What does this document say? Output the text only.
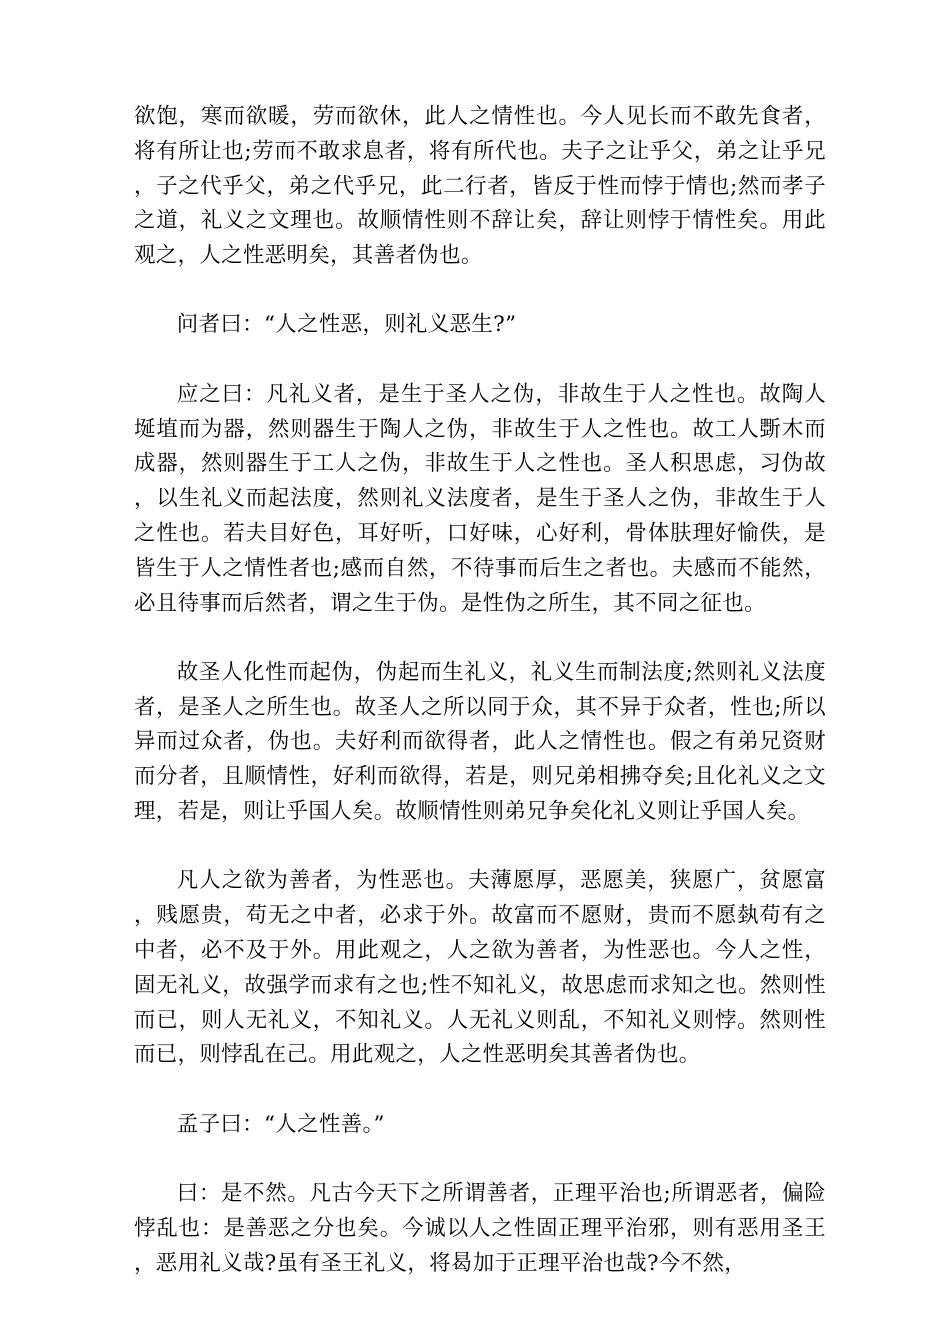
欲饱，寒而欲暖，劳而欲休，此人之情性也。今人见长而不敢先食者，将有所让也;劳而不敢求息者，将有所代也。夫子之让乎父，弟之让乎兄，子之代乎父，弟之代乎兄，此二行者，皆反于性而悖于情也;然而孝子之道，礼义之文理也。故顺情性则不辞让矣，辞让则悖于情性矣。用此观之，人之性恶明矣，其善者伪也。

问者曰：“人之性恶，则礼义恶生?”

应之曰：凡礼义者，是生于圣人之伪，非故生于人之性也。故陶人埏埴而为器，然则器生于陶人之伪，非故生于人之性也。故工人斲木而成器，然则器生于工人之伪，非故生于人之性也。圣人积思虑，习伪故，以生礼义而起法度，然则礼义法度者，是生于圣人之伪，非故生于人之性也。若夫目好色，耳好听，口好味，心好利，骨体肤理好愉佚，是皆生于人之情性者也;感而自然，不待事而后生之者也。夫感而不能然，必且待事而后然者，谓之生于伪。是性伪之所生，其不同之征也。

故圣人化性而起伪，伪起而生礼义，礼义生而制法度;然则礼义法度者，是圣人之所生也。故圣人之所以同于众，其不异于众者，性也;所以异而过众者，伪也。夫好利而欲得者，此人之情性也。假之有弟兄资财而分者，且顺情性，好利而欲得，若是，则兄弟相拂夺矣;且化礼义之文理，若是，则让乎国人矣。故顺情性则弟兄争矣化礼义则让乎国人矣。

凡人之欲为善者，为性恶也。夫薄愿厚，恶愿美，狭愿广，贫愿富，贱愿贵，苟无之中者，必求于外。故富而不愿财，贵而不愿埶苟有之中者，必不及于外。用此观之，人之欲为善者，为性恶也。今人之性，固无礼义，故强学而求有之也;性不知礼义，故思虑而求知之也。然则性而已，则人无礼义，不知礼义。人无礼义则乱，不知礼义则悖。然则性而已，则悖乱在己。用此观之，人之性恶明矣其善者伪也。

孟子曰：“人之性善。”

曰：是不然。凡古今天下之所谓善者，正理平治也;所谓恶者，偏险悖乱也：是善恶之分也矣。今诚以人之性固正理平治邪，则有恶用圣王，恶用礼义哉?虽有圣王礼义，将曷加于正理平治也哉?今不然，
